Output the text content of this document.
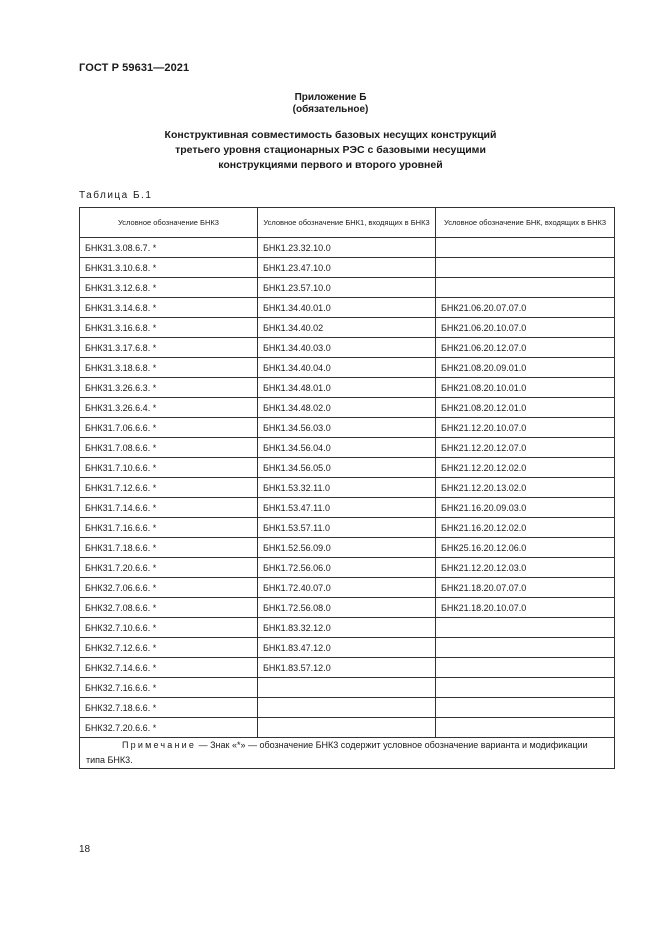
ГОСТ Р 59631—2021
Приложение Б
(обязательное)
Конструктивная совместимость базовых несущих конструкций
третьего уровня стационарных РЭС с базовыми несущими
конструкциями первого и второго уровней
Таблица Б.1
Условное обозначение БНК3	Условное обозначение БНК1, входящих в БНК3	Условное обозначение БНК, входящих в БНК3
БНК31.3.08.6.7. *	БНК1.23.32.10.0	
БНК31.3.10.6.8. *	БНК1.23.47.10.0	
БНК31.3.12.6.8. *	БНК1.23.57.10.0	
БНК31.3.14.6.8. *	БНК1.34.40.01.0	БНК21.06.20.07.07.0
БНК31.3.16.6.8. *	БНК1.34.40.02	БНК21.06.20.10.07.0
БНК31.3.17.6.8. *	БНК1.34.40.03.0	БНК21.06.20.12.07.0
БНК31.3.18.6.8. *	БНК1.34.40.04.0	БНК21.08.20.09.01.0
БНК31.3.26.6.3. *	БНК1.34.48.01.0	БНК21.08.20.10.01.0
БНК31.3.26.6.4. *	БНК1.34.48.02.0	БНК21.08.20.12.01.0
БНК31.7.06.6.6. *	БНК1.34.56.03.0	БНК21.12.20.10.07.0
БНК31.7.08.6.6. *	БНК1.34.56.04.0	БНК21.12.20.12.07.0
БНК31.7.10.6.6. *	БНК1.34.56.05.0	БНК21.12.20.12.02.0
БНК31.7.12.6.6. *	БНК1.53.32.11.0	БНК21.12.20.13.02.0
БНК31.7.14.6.6. *	БНК1.53.47.11.0	БНК21.16.20.09.03.0
БНК31.7.16.6.6. *	БНК1.53.57.11.0	БНК21.16.20.12.02.0
БНК31.7.18.6.6. *	БНК1.52.56.09.0	БНК25.16.20.12.06.0
БНК31.7.20.6.6. *	БНК1.72.56.06.0	БНК21.12.20.12.03.0
БНК32.7.06.6.6. *	БНК1.72.40.07.0	БНК21.18.20.07.07.0
БНК32.7.08.6.6. *	БНК1.72.56.08.0	БНК21.18.20.10.07.0
БНК32.7.10.6.6. *	БНК1.83.32.12.0	
БНК32.7.12.6.6. *	БНК1.83.47.12.0	
БНК32.7.14.6.6. *	БНК1.83.57.12.0	
БНК32.7.16.6.6. *		
БНК32.7.18.6.6. *		
БНК32.7.20.6.6. *		
Примечание — Знак «*» — обозначение БНК3 содержит условное обозначение варианта и модификации типа БНК3.		
18
